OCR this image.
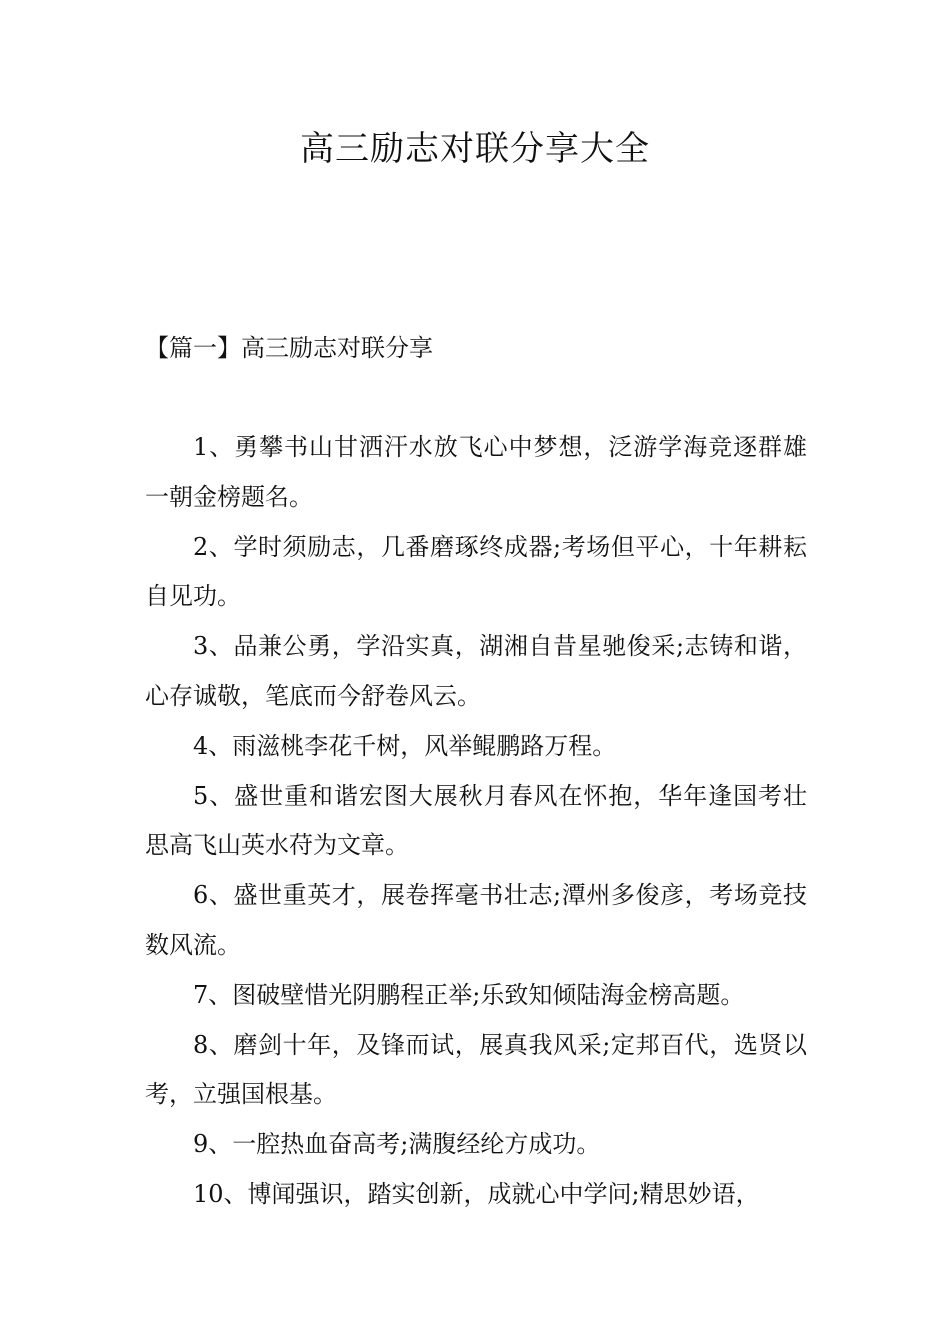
高三励志对联分享大全
【篇一】高三励志对联分享

1、勇攀书山甘洒汗水放飞心中梦想，泛游学海竞逐群雄一朝金榜题名。

2、学时须励志，几番磨琢终成器;考场但平心，十年耕耘自见功。

3、品兼公勇，学沿实真，湖湘自昔星驰俊采;志铸和谐，心存诚敬，笔底而今舒卷风云。

4、雨滋桃李花千树，风举鲲鹏路万程。

5、盛世重和谐宏图大展秋月春风在怀抱，华年逢国考壮思高飞山英水苻为文章。

6、盛世重英才，展卷挥毫书壮志;潭州多俊彦，考场竞技数风流。

7、图破壁惜光阴鹏程正举;乐致知倾陆海金榜高题。

8、磨剑十年，及锋而试，展真我风采;定邦百代，选贤以考，立强国根基。

9、一腔热血奋高考;满腹经纶方成功。

10、博闻强识，踏实创新，成就心中学问;精思妙语，
